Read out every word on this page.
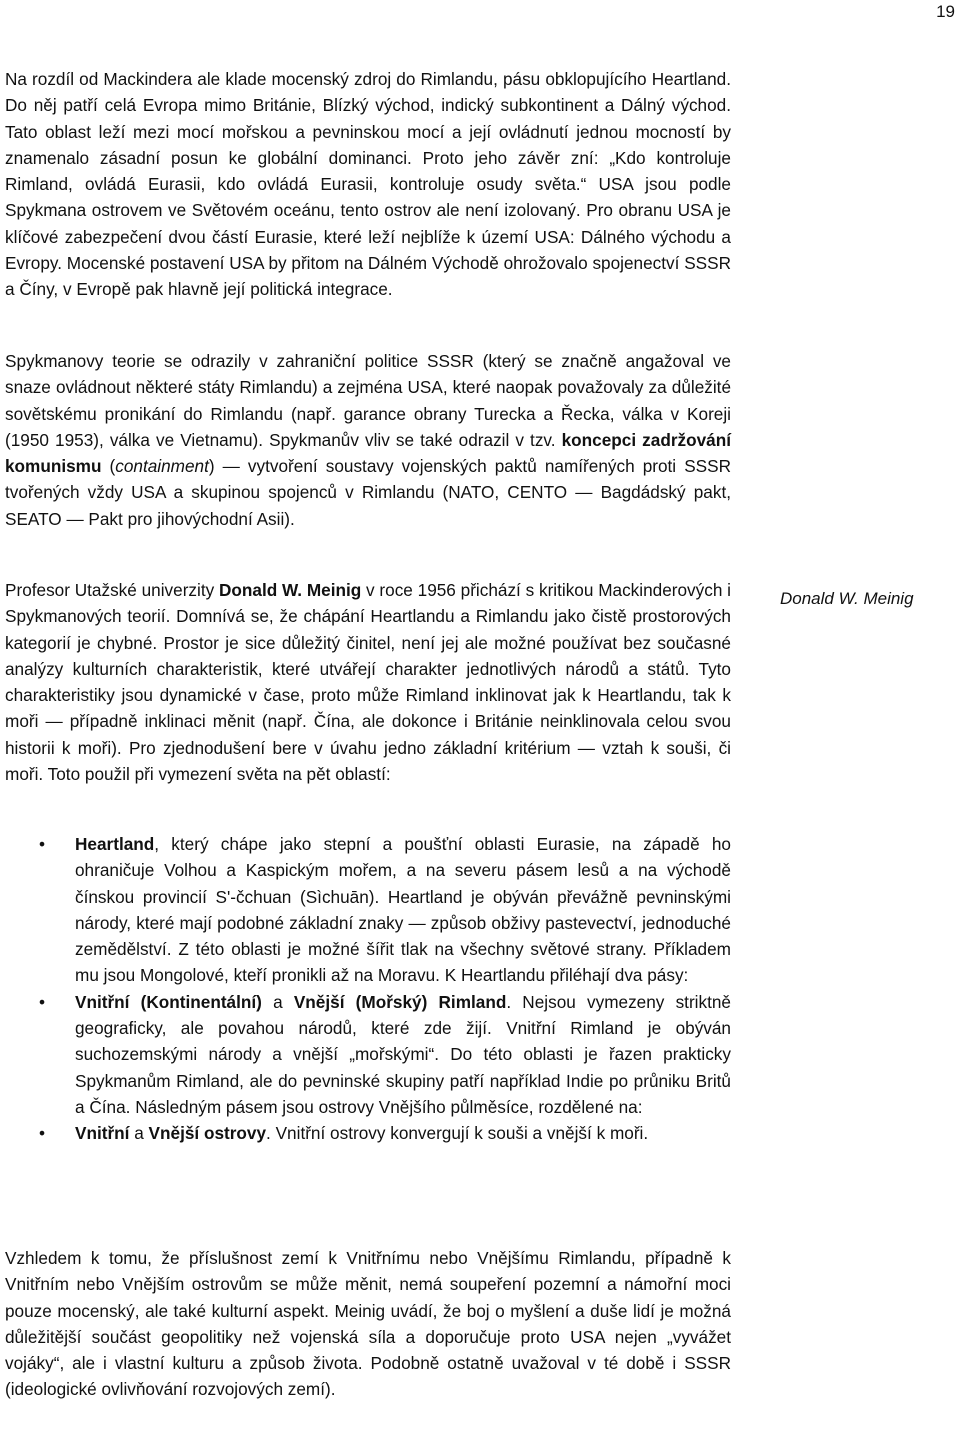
19

Na rozdíl od Mackindera ale klade mocenský zdroj do Rimlandu, pásu obklopujícího Heartland. Do něj patří celá Evropa mimo Británie, Blízký východ, indický subkontinent a Dálný východ. Tato oblast leží mezi mocí mořskou a pevninskou mocí a její ovládnutí jednou mocností by znamenalo zásadní posun ke globální dominanci. Proto jeho závěr zní: „Kdo kontroluje Rimland, ovládá Eurasii, kdo ovládá Eurasii, kontroluje osudy světa.“ USA jsou podle Spykmana ostrovem ve Světovém oceánu, tento ostrov ale není izolovaný. Pro obranu USA je klíčové zabezpečení dvou částí Eurasie, které leží nejblíže k území USA: Dálného východu a Evropy. Mocenské postavení USA by přitom na Dálném Východě ohrožovalo spojenectví SSSR a Číny, v Evropě pak hlavně její politická integrace.

Spykmanovy teorie se odrazily v zahraniční politice SSSR (který se značně angažoval ve snaze ovládnout některé státy Rimlandu) a zejména USA, které naopak považovaly za důležité sovětskému pronikání do Rimlandu (např. garance obrany Turecka a Řecka, válka v Koreji (1950 1953), válka ve Vietnamu). Spykmanův vliv se také odrazil v tzv. koncepci zadržování komunismu (containment) — vytvoření soustavy vojenských paktů namířených proti SSSR tvořených vždy USA a skupinou spojenců v Rimlandu (NATO, CENTO — Bagdádský pakt, SEATO — Pakt pro jihovýchodní Asii).

Profesor Utažské univerzity Donald W. Meinig v roce 1956 přichází s kritikou Mackinderových i Spykmanových teorií. Domnívá se, že chápání Heartlandu a Rimlandu jako čistě prostorových kategorií je chybné. Prostor je sice důležitý činitel, není jej ale možné používat bez současné analýzy kulturních charakteristik, které utvářejí charakter jednotlivých národů a států. Tyto charakteristiky jsou dynamické v čase, proto může Rimland inklinovat jak k Heartlandu, tak k moři — případně inklinaci měnit (např. Čína, ale dokonce i Británie neinklinovala celou svou historii k moři). Pro zjednodušení bere v úvahu jedno základní kritérium — vztah k souši, či moři. Toto použil při vymezení světa na pět oblastí:

Donald W. Meinig
• Heartland, který chápe jako stepní a poušťní oblasti Eurasie, na západě ho ohraničuje Volhou a Kaspickým mořem, a na severu pásem lesů a na východě čínskou provincií S'-čchuan (Sìchuān). Heartland je obýván převážně pevninskými národy, které mají podobné základní znaky — způsob obživy pastevectví, jednoduché zemědělství. Z této oblasti je možné šířit tlak na všechny světové strany. Příkladem mu jsou Mongolové, kteří pronikli až na Moravu. K Heartlandu přiléhají dva pásy:
• Vnitřní (Kontinentální) a Vnější (Mořský) Rimland. Nejsou vymezeny striktně geograficky, ale povahou národů, které zde žijí. Vnitřní Rimland je obýván suchozemskými národy a vnější „mořskými“. Do této oblasti je řazen prakticky Spykmanům Rimland, ale do pevninské skupiny patří například Indie po průniku Britů a Čína. Následným pásem jsou ostrovy Vnějšího půlměsíce, rozdělené na:
• Vnitřní a Vnější ostrovy. Vnitřní ostrovy konvergují k souši a vnější k moři.

Vzhledem k tomu, že příslušnost zemí k Vnitřnímu nebo Vnějšímu Rimlandu, případně k Vnitřním nebo Vnějším ostrovům se může měnit, nemá soupeření pozemní a námořní moci pouze mocenský, ale také kulturní aspekt. Meinig uvádí, že boj o myšlení a duše lidí je možná důležitější součást geopolitiky než vojenská síla a doporučuje proto USA nejen „vyvážet vojáky“, ale i vlastní kulturu a způsob života. Podobně ostatně uvažoval v té době i SSSR (ideologické ovlivňování rozvojových zemí).
